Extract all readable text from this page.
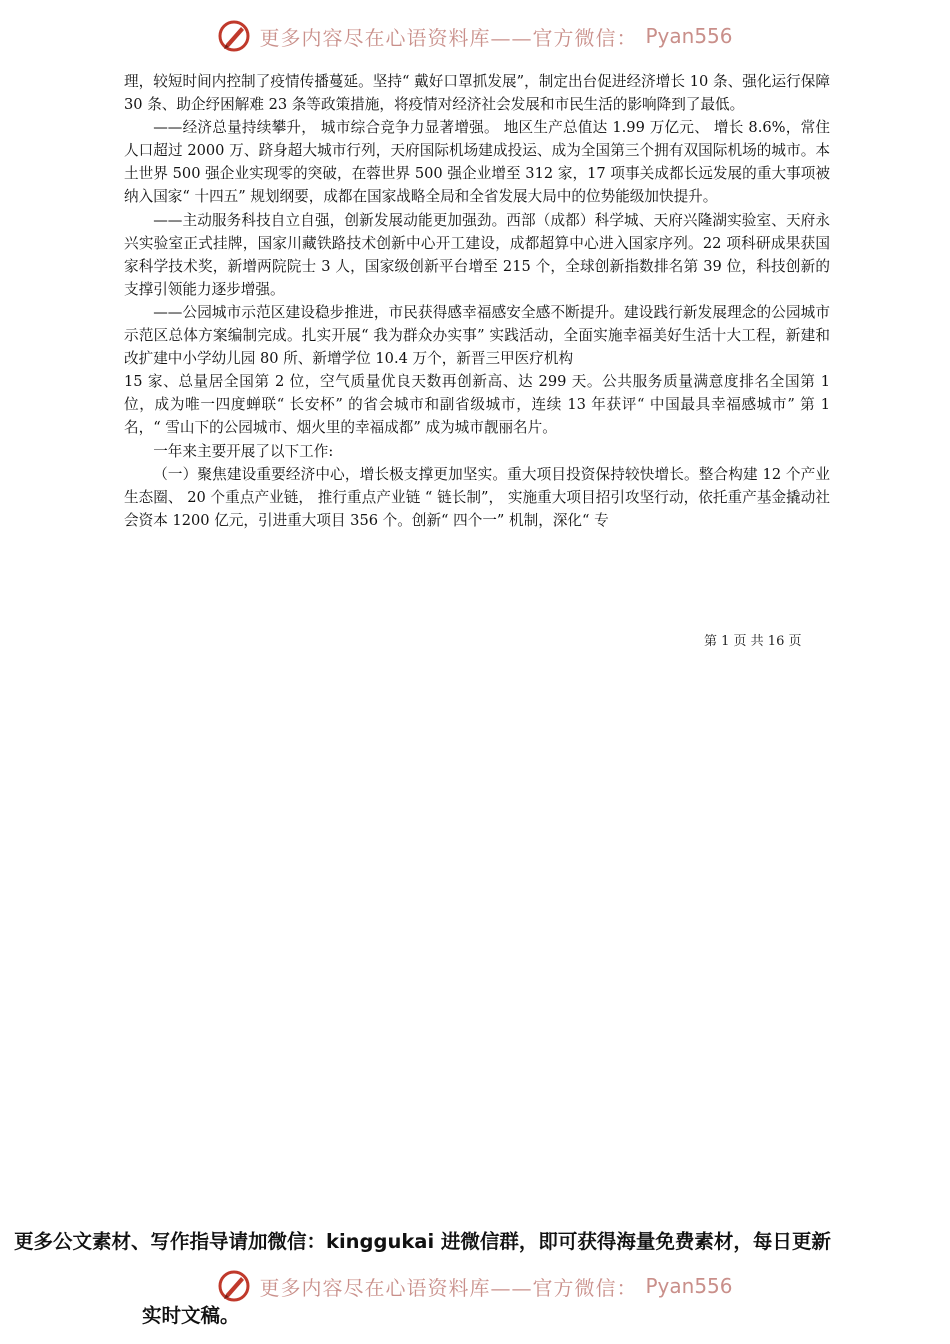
更多内容尽在心语资料库——官方微信： Pyan556

理，较短时间内控制了疫情传播蔓延。坚持“ 戴好口罩抓发展”，制定出台促进经济增长 10 条、强化运行保障 30 条、助企纾困解难 23 条等政策措施，将疫情对经济社会发展和市民生活的影响降到了最低。

——经济总量持续攀升， 城市综合竞争力显著增强。 地区生产总值达 1.99 万亿元、 增长 8.6%，常住人口超过 2000 万、跻身超大城市行列，天府国际机场建成投运、成为全国第三个拥有双国际机场的城市。本土世界 500 强企业实现零的突破，在蓉世界 500 强企业增至 312 家，17 项事关成都长远发展的重大事项被纳入国家“ 十四五” 规划纲要，成都在国家战略全局和全省发展大局中的位势能级加快提升。

——主动服务科技自立自强，创新发展动能更加强劲。西部（成都）科学城、天府兴隆湖实验室、天府永兴实验室正式挂牌，国家川藏铁路技术创新中心开工建设，成都超算中心进入国家序列。22 项科研成果获国家科学技术奖，新增两院院士 3 人，国家级创新平台增至 215 个，全球创新指数排名第 39 位，科技创新的支撑引领能力逐步增强。

——公园城市示范区建设稳步推进，市民获得感幸福感安全感不断提升。建设践行新发展理念的公园城市示范区总体方案编制完成。扎实开展“ 我为群众办实事” 实践活动，全面实施幸福美好生活十大工程，新建和改扩建中小学幼儿园 80 所、新增学位 10.4 万个，新晋三甲医疗机构

15 家、总量居全国第 2 位，空气质量优良天数再创新高、达 299 天。公共服务质量满意度排名全国第 1 位，成为唯一四度蝉联“ 长安杯” 的省会城市和副省级城市，连续 13 年获评“ 中国最具幸福感城市” 第 1 名，“ 雪山下的公园城市、烟火里的幸福成都” 成为城市靓丽名片。

一年来主要开展了以下工作:

（一）聚焦建设重要经济中心，增长极支撑更加坚实。重大项目投资保持较快增长。整合构建 12 个产业生态圈、 20 个重点产业链， 推行重点产业链 “ 链长制”， 实施重大项目招引攻坚行动，依托重产基金撬动社会资本 1200 亿元，引进重大项目 356 个。创新“ 四个一” 机制，深化“ 专

第 1 页 共 16 页
更多公文素材、写作指导请加微信：kinggukai 进微信群，即可获得海量免费素材，每日更新
更多内容尽在心语资料库——官方微信： Pyan556
实时文稿。
